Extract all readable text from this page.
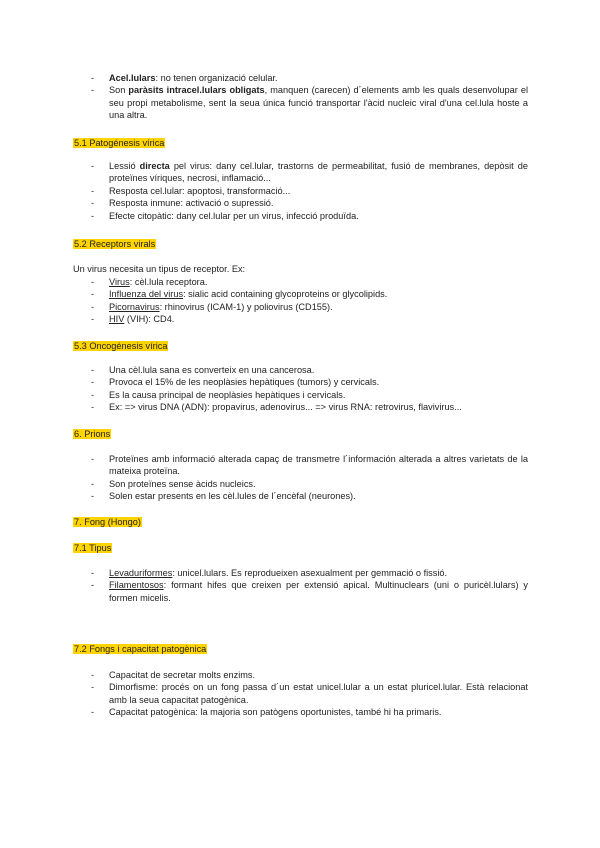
- Acel.lulars: no tenen organizació celular.
- Son paràsits intracel.lulars obligats, manquen (carecen) d´elements amb les quals desenvolupar el seu propi metabolisme, sent la seua única funció transportar l'àcid nucleic viral d'una cel.lula hoste a una altra.
5.1 Patogénesis vírica
- Lessió directa pel virus: dany cel.lular, trastorns de permeabilitat, fusió de membranes, depòsit de proteïnes víriques, necrosi, inflamació...
- Resposta cel.lular: apoptosi, transformació...
- Resposta inmune: activació o supressió.
- Efecte citopàtic: dany cel.lular per un virus, infecció produïda.
5.2 Receptors virals

Un virus necesita un tipus de receptor. Ex:

- Virus: cèl.lula receptora.
- Influenza del virus: sialic acid containing glycoproteins or glycolipids.
- Picornavirus: rhinovirus (ICAM-1) y poliovirus (CD155).
- HIV (VIH): CD4.
5.3 Oncogénesis vírica
- Una cèl.lula sana es converteix en una cancerosa.
- Provoca el 15% de les neoplàsies hepàtiques (tumors) y cervicals.
- Es la causa principal de neoplàsies hepàtiques i cervicals.
- Ex: => virus DNA (ADN): propavirus, adenovirus... => virus RNA: retrovirus, flavivirus...
6. Prions
- Proteïnes amb informació alterada capaç de transmetre l´información alterada a altres varietats de la mateixa proteïna.
- Son proteïnes sense àcids nucleics.
- Solen estar presents en les cèl.lules de l´encèfal (neurones).
7. Fong (Hongo)
7.1 Tipus
- Levaduriformes: unicel.lulars. Es reprodueixen asexualment per gemmació o fissió.
- Filamentosos: formant hifes que creixen per extensió apical. Multinuclears (uni o puricèl.lulars) y formen micelis.
7.2 Fongs i capacitat patogènica
- Capacitat de secretar molts enzims.
- Dimorfisme: procés on un fong passa d´un estat unicel.lular a un estat pluricel.lular. Està relacionat amb la seua capacitat patogènica.
- Capacitat patogènica: la majoria son patògens oportunistes, també hi ha primaris.
